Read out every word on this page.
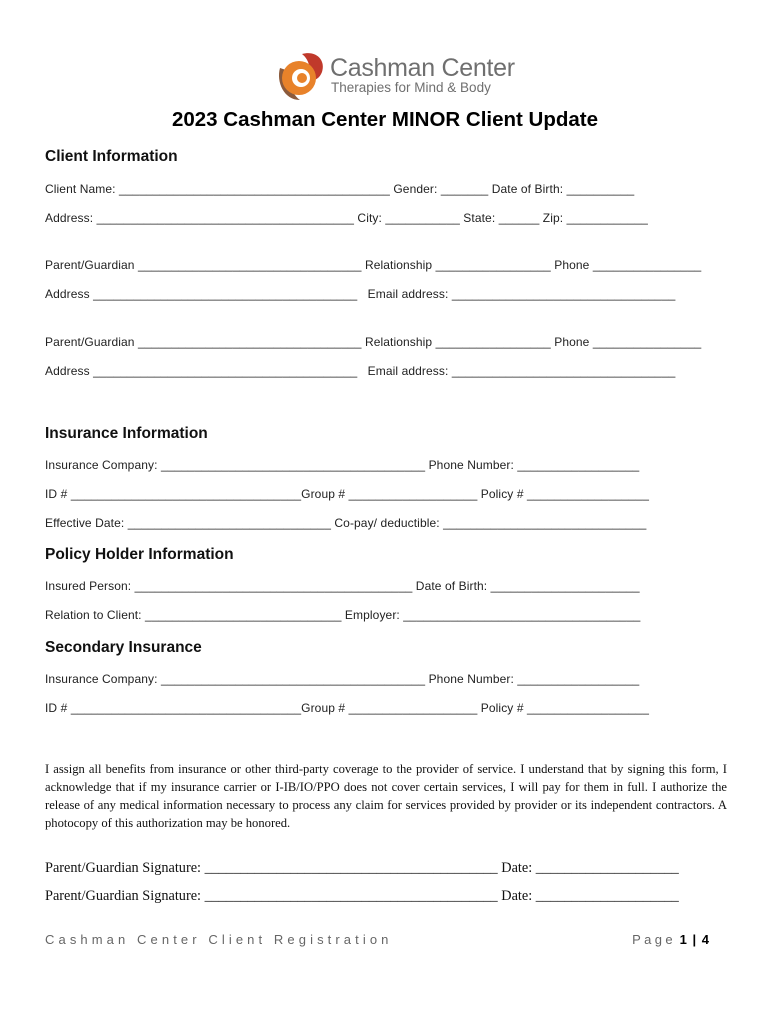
Cashman Center
Therapies for Mind & Body
2023 Cashman Center MINOR Client Update
Client Information
Client Name: ________________________________________ Gender: _______ Date of Birth: __________
Address: ______________________________________ City: ___________ State: ______ Zip: ____________
Parent/Guardian _________________________________ Relationship _________________ Phone ________________
Address _______________________________________   Email address: _________________________________
Parent/Guardian _________________________________ Relationship _________________ Phone ________________
Address _______________________________________   Email address: _________________________________
Insurance Information
Insurance Company: _______________________________________ Phone Number: __________________
ID # __________________________________Group # ___________________ Policy # __________________
Effective Date: ______________________________ Co-pay/ deductible: ______________________________
Policy Holder Information
Insured Person: _________________________________________ Date of Birth: ______________________
Relation to Client: _____________________________ Employer: ___________________________________
Secondary Insurance
Insurance Company: _______________________________________ Phone Number: __________________
ID # __________________________________Group # ___________________ Policy # __________________
I assign all benefits from insurance or other third-party coverage to the provider of service. I understand that by signing this form, I acknowledge that if my insurance carrier or I-IB/IO/PPO does not cover certain services, I will pay for them in full. I authorize the release of any medical information necessary to process any claim for services provided by provider or its independent contractors. A photocopy of this authorization may be honored.
Parent/Guardian Signature: _________________________________________ Date: ____________________
Parent/Guardian Signature: _________________________________________ Date: ____________________
Cashman Center Client Registration	Page 1 | 4
